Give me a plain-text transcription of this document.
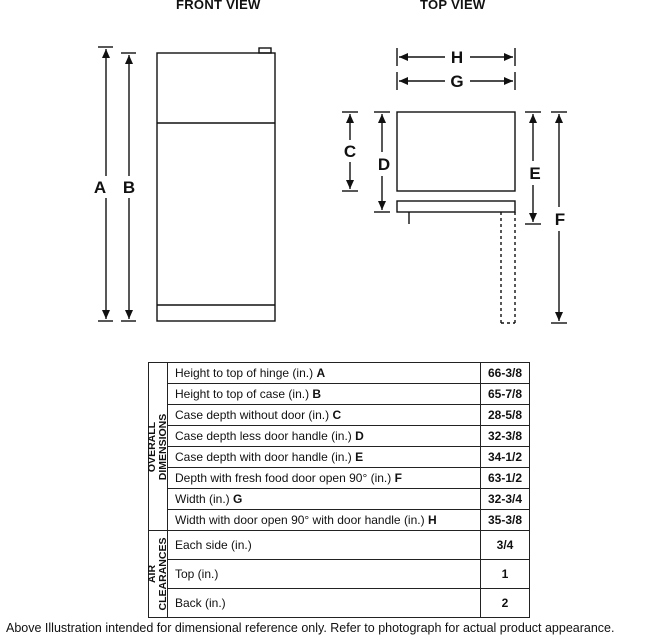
FRONT VIEW	TOP VIEW
A B
C
D	E
F
G
H
OVERALL
DIMENSIONS	Height to top of hinge (in.) A	66-3/8
	Height to top of case (in.) B	65-7/8
	Case depth without door (in.) C	28-5/8
	Case depth less door handle (in.) D	32-3/8
	Case depth with door handle (in.) E	34-1/2
	Depth with fresh food door open 90° (in.) F	63-1/2
	Width (in.) G	32-3/4
	Width with door open 90° with door handle (in.) H	35-3/8

AIR
CLEARANCES	Each side (in.)	3/4
	Top (in.)	1
	Back (in.)	2
Above Illustration intended for dimensional reference only. Refer to photograph for actual product appearance.
